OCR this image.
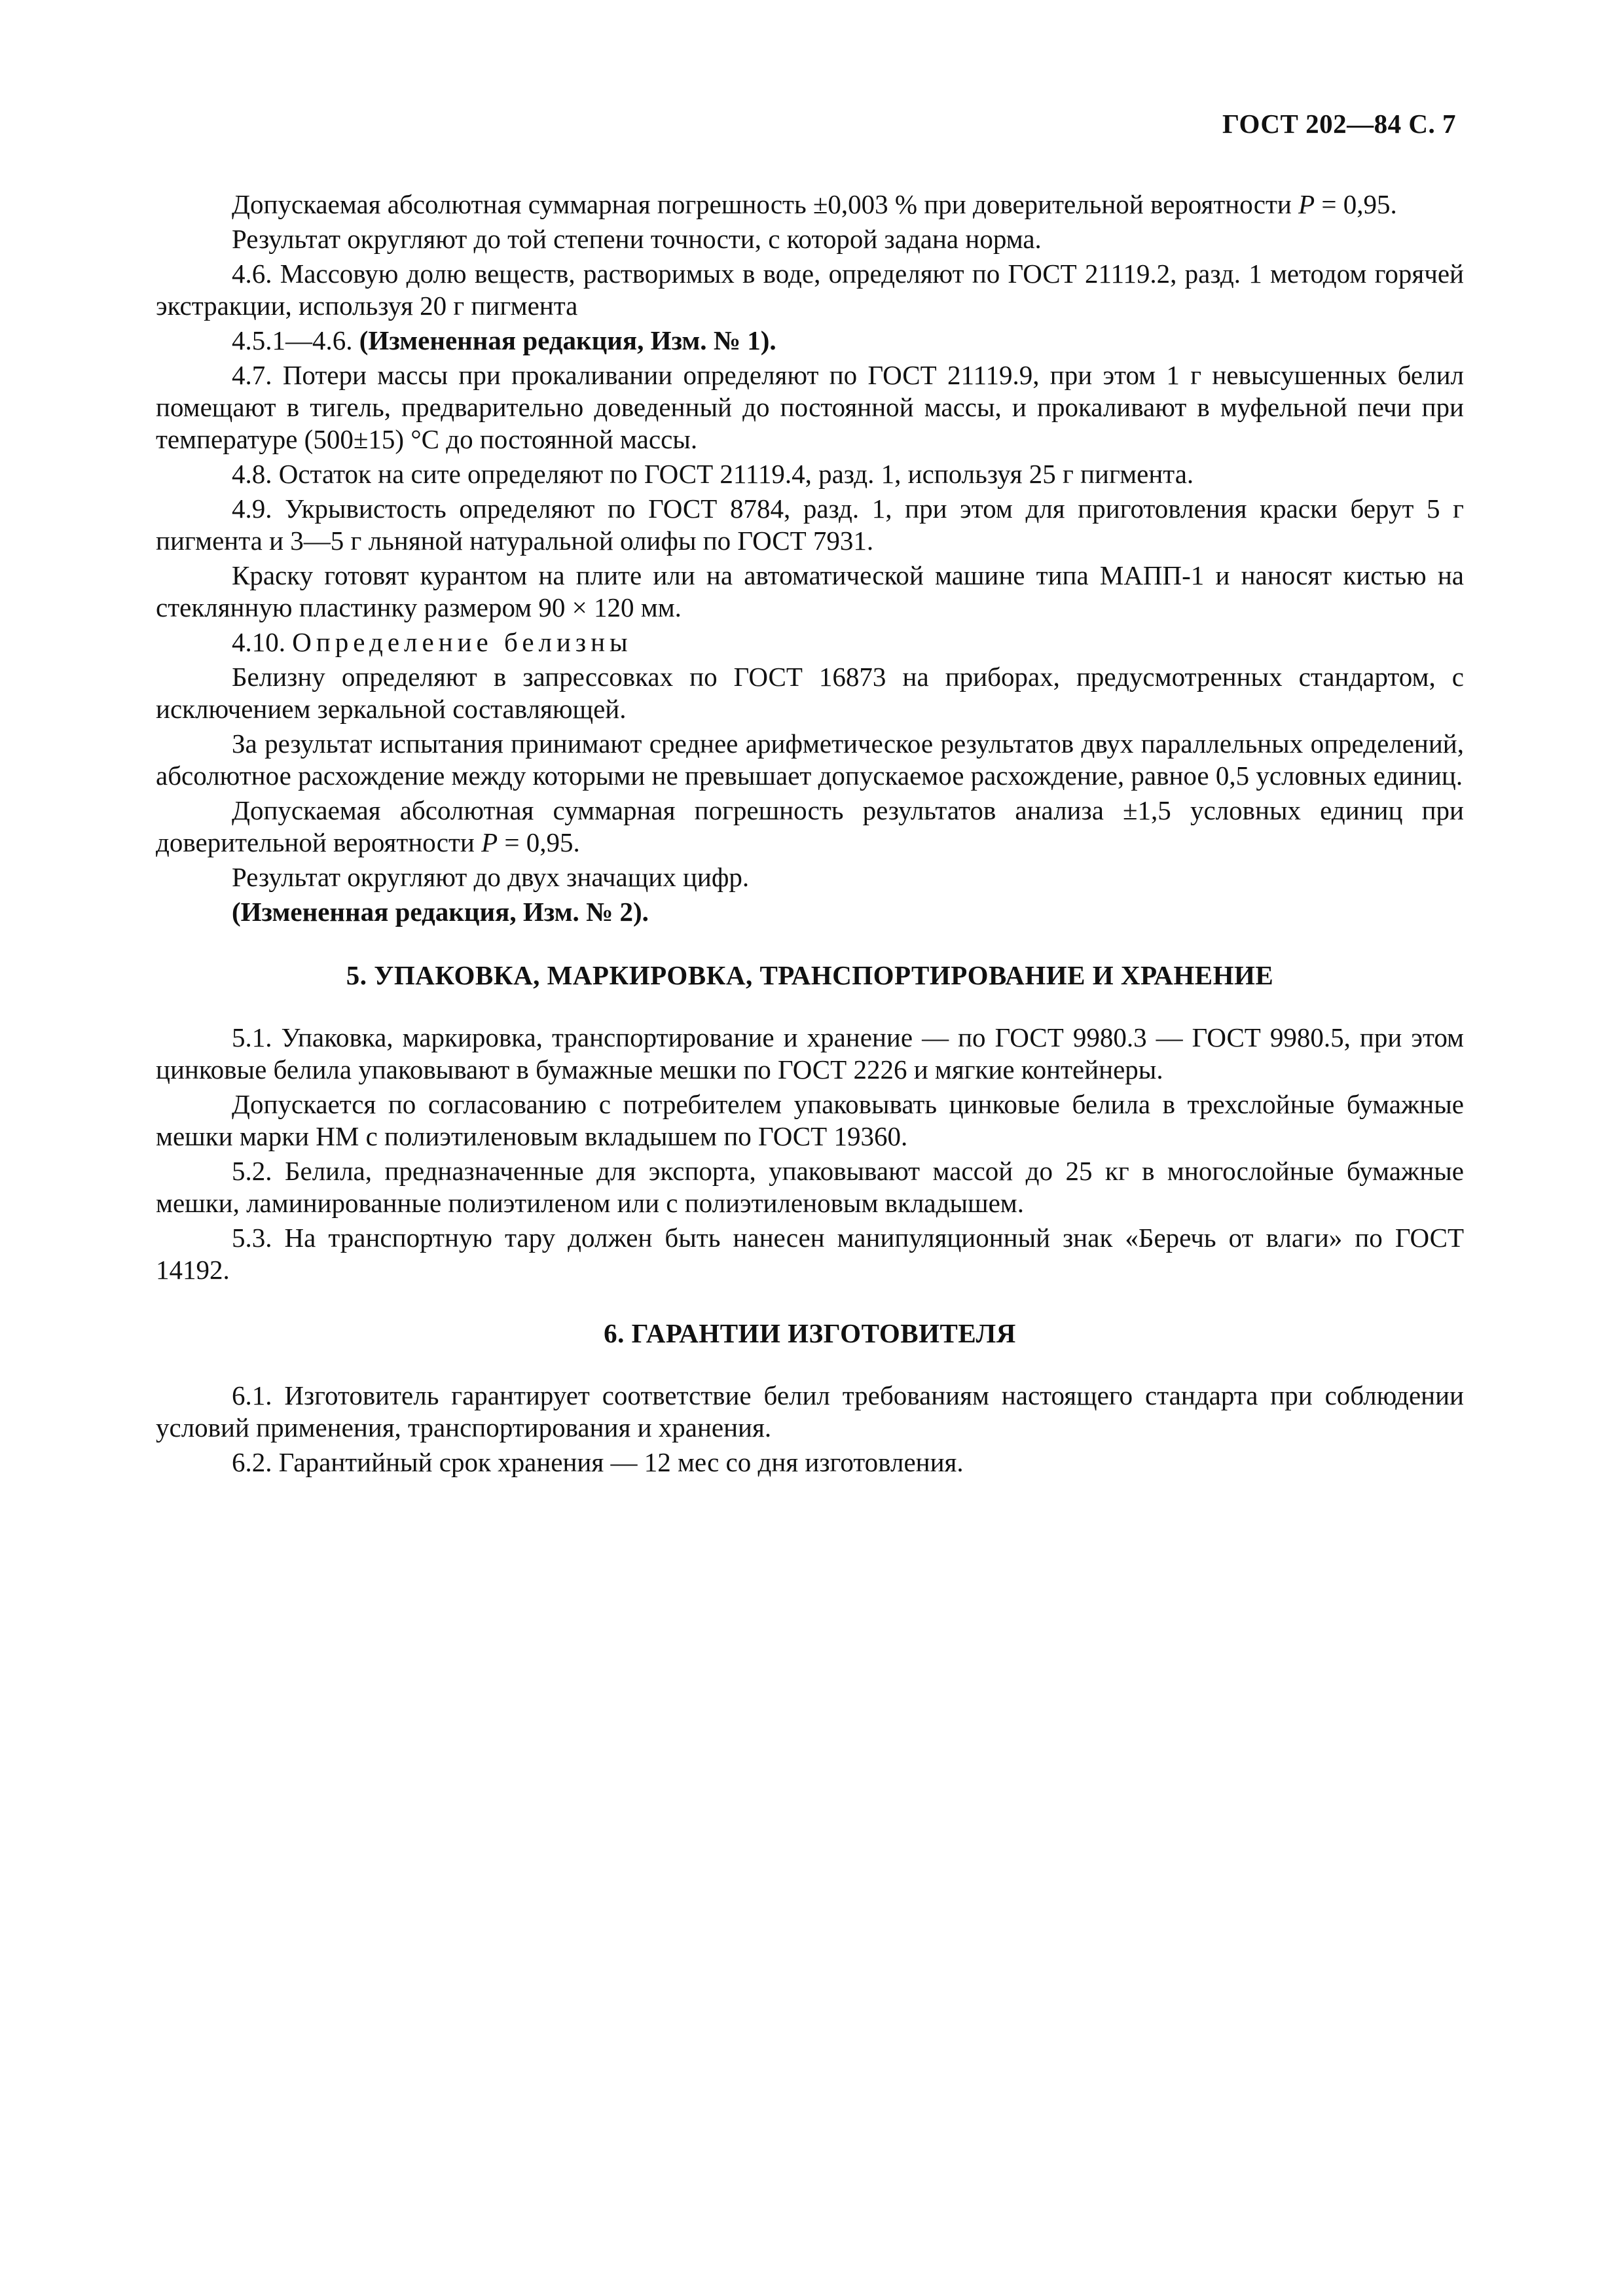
ГОСТ 202—84 С. 7

Допускаемая абсолютная суммарная погрешность ±0,003 % при доверительной вероятности P = 0,95.

Результат округляют до той степени точности, с которой задана норма.

4.6. Массовую долю веществ, растворимых в воде, определяют по ГОСТ 21119.2, разд. 1 методом горячей экстракции, используя 20 г пигмента

4.5.1—4.6. (Измененная редакция, Изм. № 1).

4.7. Потери массы при прокаливании определяют по ГОСТ 21119.9, при этом 1 г невысушенных белил помещают в тигель, предварительно доведенный до постоянной массы, и прокаливают в муфельной печи при температуре (500±15) °С до постоянной массы.

4.8. Остаток на сите определяют по ГОСТ 21119.4, разд. 1, используя 25 г пигмента.

4.9. Укрывистость определяют по ГОСТ 8784, разд. 1, при этом для приготовления краски берут 5 г пигмента и 3—5 г льняной натуральной олифы по ГОСТ 7931.

Краску готовят курантом на плите или на автоматической машине типа МАПП-1 и наносят кистью на стеклянную пластинку размером 90 × 120 мм.

4.10. Определение белизны

Белизну определяют в запрессовках по ГОСТ 16873 на приборах, предусмотренных стандартом, с исключением зеркальной составляющей.

За результат испытания принимают среднее арифметическое результатов двух параллельных определений, абсолютное расхождение между которыми не превышает допускаемое расхождение, равное 0,5 условных единиц.

Допускаемая абсолютная суммарная погрешность результатов анализа ±1,5 условных единиц при доверительной вероятности P = 0,95.

Результат округляют до двух значащих цифр.

(Измененная редакция, Изм. № 2).

5. УПАКОВКА, МАРКИРОВКА, ТРАНСПОРТИРОВАНИЕ И ХРАНЕНИЕ

5.1. Упаковка, маркировка, транспортирование и хранение — по ГОСТ 9980.3 — ГОСТ 9980.5, при этом цинковые белила упаковывают в бумажные мешки по ГОСТ 2226 и мягкие контейнеры.

Допускается по согласованию с потребителем упаковывать цинковые белила в трехслойные бумажные мешки марки НМ с полиэтиленовым вкладышем по ГОСТ 19360.

5.2. Белила, предназначенные для экспорта, упаковывают массой до 25 кг в многослойные бумажные мешки, ламинированные полиэтиленом или с полиэтиленовым вкладышем.

5.3. На транспортную тару должен быть нанесен манипуляционный знак «Беречь от влаги» по ГОСТ 14192.

6. ГАРАНТИИ ИЗГОТОВИТЕЛЯ

6.1. Изготовитель гарантирует соответствие белил требованиям настоящего стандарта при соблюдении условий применения, транспортирования и хранения.

6.2. Гарантийный срок хранения — 12 мес со дня изготовления.
